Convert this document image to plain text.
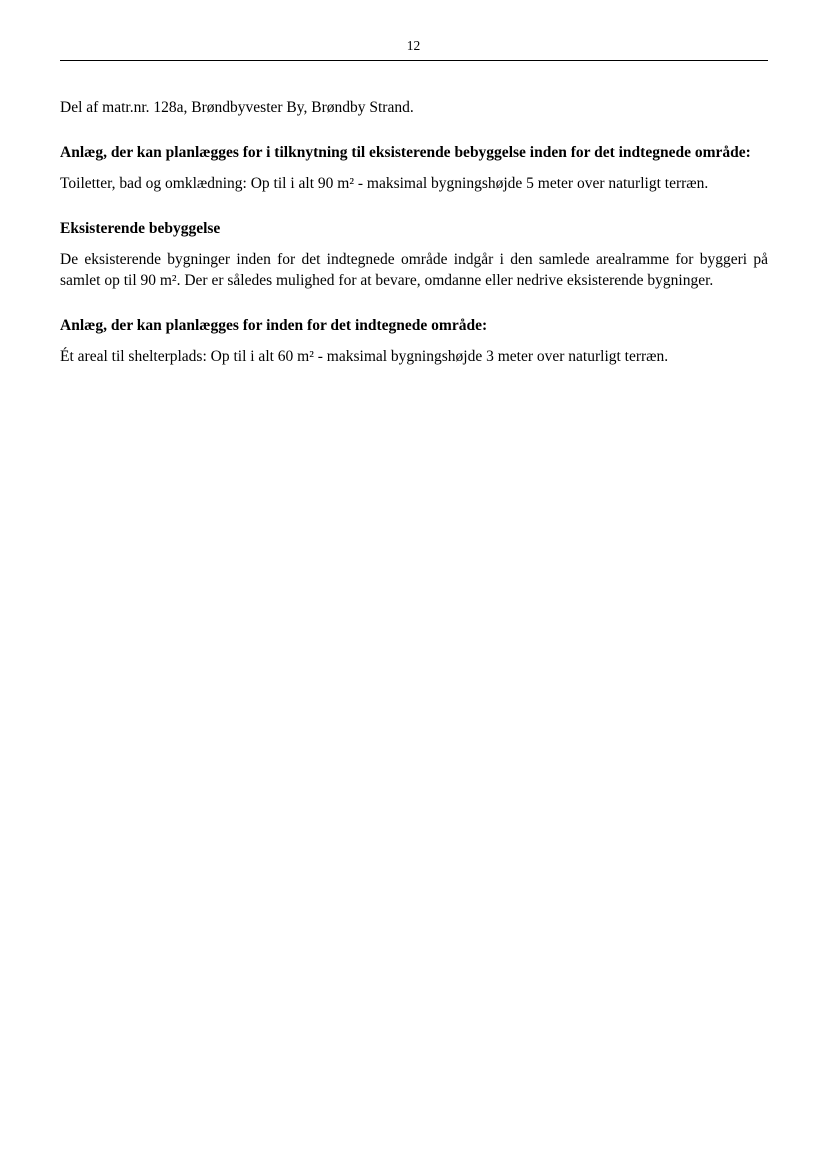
12

Del af matr.nr. 128a, Brøndbyvester By, Brøndby Strand.

Anlæg, der kan planlægges for i tilknytning til eksisterende bebyggelse inden for det indtegnede område:

Toiletter, bad og omklædning: Op til i alt 90 m² - maksimal bygningshøjde 5 meter over naturligt terræn.

Eksisterende bebyggelse

De eksisterende bygninger inden for det indtegnede område indgår i den samlede arealramme for byggeri på samlet op til 90 m². Der er således mulighed for at bevare, omdanne eller nedrive eksisterende bygninger.

Anlæg, der kan planlægges for inden for det indtegnede område:

Ét areal til shelterplads: Op til i alt 60 m² - maksimal bygningshøjde 3 meter over naturligt terræn.
